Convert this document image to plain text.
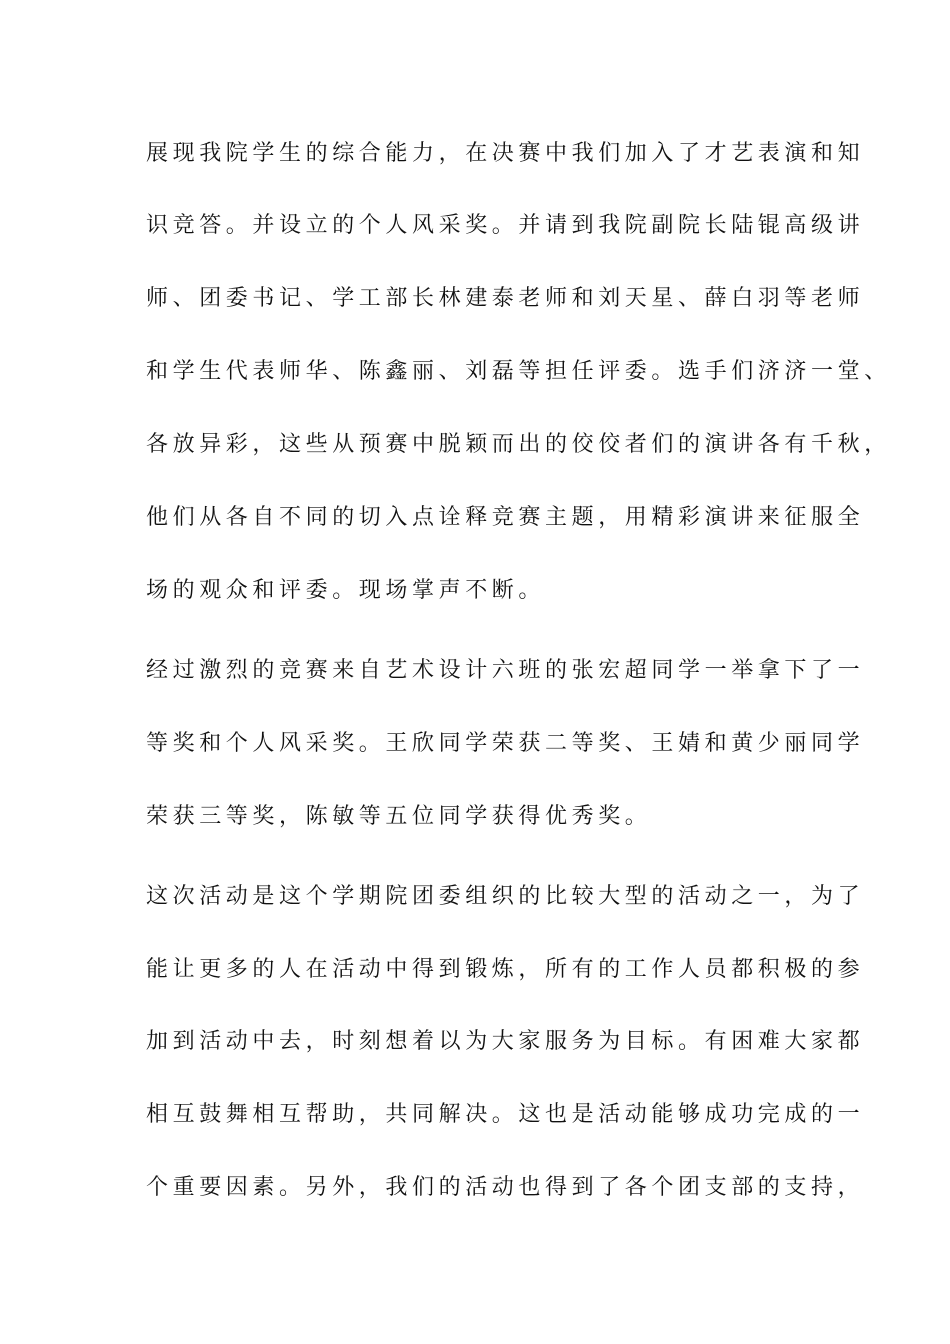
展现我院学生的综合能力，在决赛中我们加入了才艺表演和知
识竞答。并设立的个人风采奖。并请到我院副院长陆锟高级讲
师、团委书记、学工部长林建泰老师和刘天星、薛白羽等老师
和学生代表师华、陈鑫丽、刘磊等担任评委。选手们济济一堂、
各放异彩，这些从预赛中脱颖而出的佼佼者们的演讲各有千秋，
他们从各自不同的切入点诠释竞赛主题，用精彩演讲来征服全
场的观众和评委。现场掌声不断。
经过激烈的竞赛来自艺术设计六班的张宏超同学一举拿下了一
等奖和个人风采奖。王欣同学荣获二等奖、王婧和黄少丽同学
荣获三等奖，陈敏等五位同学获得优秀奖。
这次活动是这个学期院团委组织的比较大型的活动之一，为了
能让更多的人在活动中得到锻炼，所有的工作人员都积极的参
加到活动中去，时刻想着以为大家服务为目标。有困难大家都
相互鼓舞相互帮助，共同解决。这也是活动能够成功完成的一
个重要因素。另外，我们的活动也得到了各个团支部的支持，
